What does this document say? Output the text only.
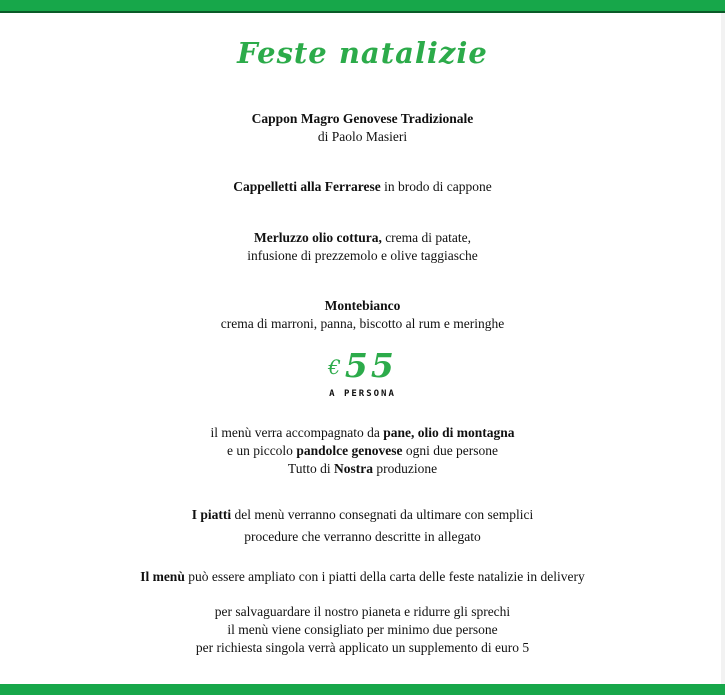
Feste natalizie
Cappon Magro Genovese Tradizionale
di Paolo Masieri
Cappelletti alla Ferrarese in brodo di cappone
Merluzzo olio cottura, crema di patate,
infusione di prezzemolo e olive taggiasche
Montebianco
crema di marroni, panna, biscotto al rum e meringhe
€ 55
A PERSONA
il menù verra accompagnato da pane, olio di montagna
e un piccolo pandolce genovese ogni due persone
Tutto di Nostra produzione
I piatti del menù verranno consegnati da ultimare con semplici
procedure che verranno descritte in allegato
Il menù può essere ampliato con i piatti della carta delle feste natalizie in delivery
per salvaguardare il nostro pianeta e ridurre gli sprechi
il menù viene consigliato per minimo due persone
per richiesta singola verrà applicato un supplemento di euro 5
